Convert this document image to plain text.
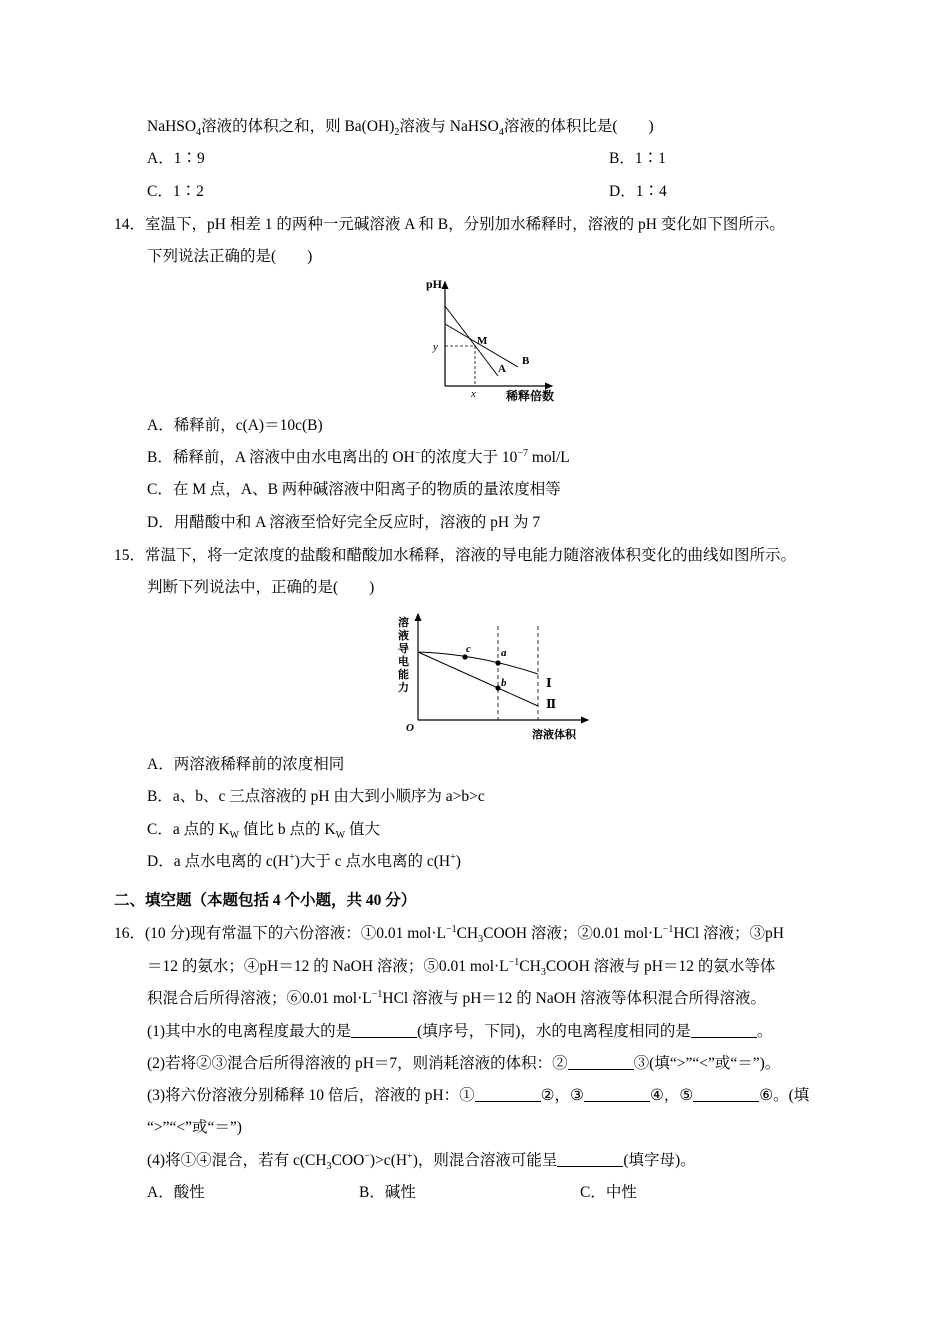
NaHSO$_4$溶液的体积之和，则 $Ba(OH)_2$溶液与 NaHSO$_4$溶液的体积比是(　　)
A．1∶9	B．1∶1
C．1∶2	D．1∶4
14．室温下，pH 相差 1 的两种一元碱溶液 A 和 B，分别加水稀释时，溶液的 pH 变化如下图所示。
下列说法正确的是(　　)
pH
稀释倍数
M
A
B
y
x
A．稀释前，c(A)＝10c(B)
B．稀释前，A 溶液中由水电离出的 OH−的浓度大于 $10^{-7}$ mol/L
C．在 M 点，A、B 两种碱溶液中阳离子的物质的量浓度相等
D．用醋酸中和 A 溶液至恰好完全反应时，溶液的 pH 为 7
15．常温下，将一定浓度的盐酸和醋酸加水稀释，溶液的导电能力随溶液体积变化的曲线如图所示。
判断下列说法中，正确的是(　　)
溶
液
导
电
能
力
O
溶液体积
c	a
b	Ⅰ
Ⅱ
A．两溶液稀释前的浓度相同
B．a、b、c 三点溶液的 pH 由大到小顺序为 a>b>c
C．a 点的 $K_W$ 值比 b 点的 $K_W$ 值大
D．a 点水电离的 c(H+)大于 c 点水电离的 c(H+)
二、填空题（本题包括 4 个小题，共 40 分）
16．(10 分)现有常温下的六份溶液：①0.01 $mol\cdot L^{-1}CH_3COOH$ 溶液；②0.01 $mol\cdot L^{-1}HCl$ 溶液；③pH
＝12 的氨水；④pH＝12 的 NaOH 溶液；⑤0.01 $mol\cdot L^{-1}CH_3COOH$ 溶液与 pH＝12 的氨水等体
积混合后所得溶液；⑥0.01 $mol\cdot L^{-1}HCl$ 溶液与 pH＝12 的 NaOH 溶液等体积混合所得溶液。
(1)其中水的电离程度最大的是	(填序号，下同)，水的电离程度相同的是	。
(2)若将②③混合后所得溶液的 pH＝7，则消耗溶液的体积：②	③(填“>”“<”或“＝”)。
(3)将六份溶液分别稀释 10 倍后，溶液的 pH：①	②，③	④，⑤	⑥。(填
“>”“<”或“＝”)
(4)将①④混合，若有 $c(CH_3COO^-)>c(H^+)$，则混合溶液可能呈	(填字母)。
A．酸性	B．碱性	C．中性
